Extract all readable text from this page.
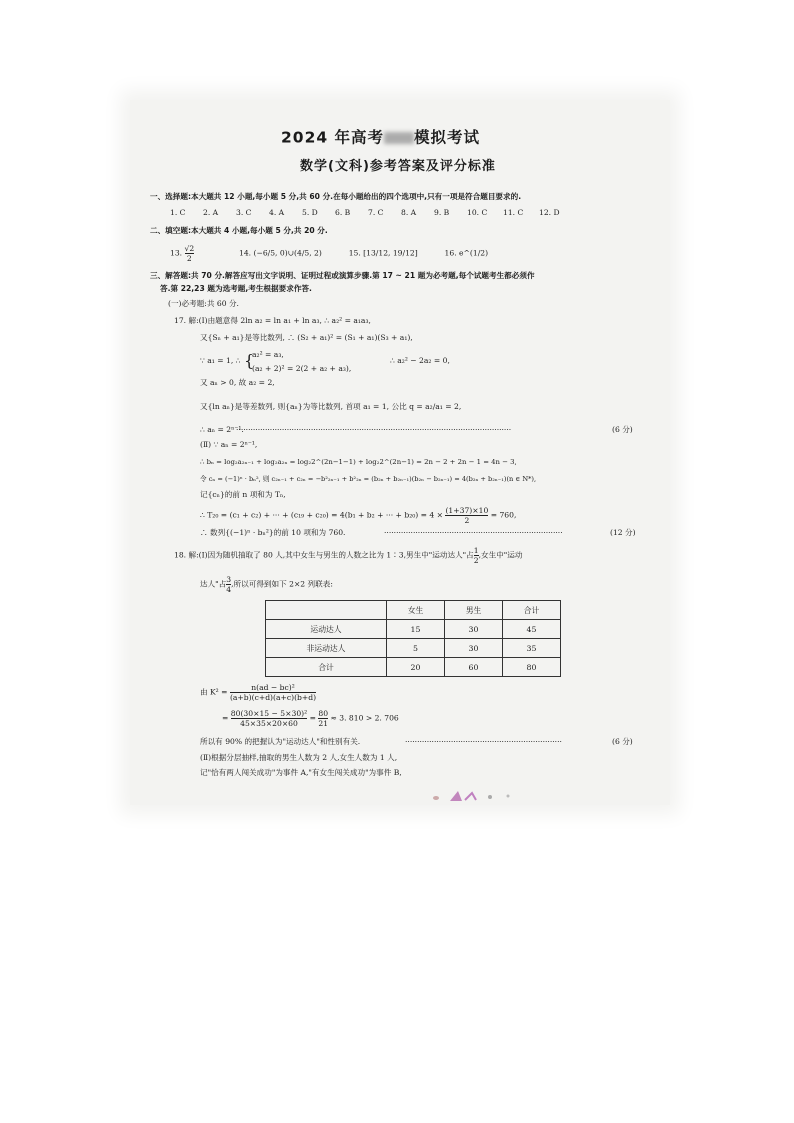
2024 年高考 模拟考试
数学(文科)参考答案及评分标准
一、选择题:本大题共 12 小题,每小题 5 分,共 60 分.在每小题给出的四个选项中,只有一项是符合题目要求的.
1. C 2. A 3. C 4. A 5. D 6. B 7. C 8. A 9. B 10. C 11. C 12. D
二、填空题:本大题共 4 小题,每小题 5 分,共 20 分.
13. $\frac{√2}{2}$	14. (−6/5, 0)∪(4/5, 2)	15. [13/12, 19/12]	16. e^(1/2)
三、解答题:共 70 分.解答应写出文字说明、证明过程或演算步骤.第 17 ~ 21 题为必考题,每个试题考生都必须作
答.第 22,23 题为选考题,考生根据要求作答.
(一)必考题:共 60 分.
17. 解:(Ⅰ)由题意得 2ln a₂ = ln a₁ + ln a₃, ∴ a₂² = a₁a₃,
又{Sₙ + a₁}是等比数列, ∴ (S₂ + a₁)² = (S₁ + a₁)(S₃ + a₁),
∵ a₁ = 1, ∴ {
a₂² = a₃,
(a₂ + 2)² = 2(2 + a₂ + a₃),
∴ a₂² − 2a₂ = 0,
又 aₙ > 0, 故 a₂ = 2,
又{ln aₙ}是等差数列, 则{aₙ}为等比数列, 首项 a₁ = 1, 公比 q = a₂/a₁ = 2,
∴ aₙ = 2ⁿ⁻¹.
··················································································································	(6 分)
(Ⅱ) ∵ aₙ = 2ⁿ⁻¹,
∴ bₙ = log₂a₂ₙ₋₁ + log₂a₂ₙ = log₂2^(2n−1−1) + log₂2^(2n−1) = 2n − 2 + 2n − 1 = 4n − 3,
令 cₙ = (−1)ⁿ · bₙ², 则 c₂ₙ₋₁ + c₂ₙ = −b²₂ₙ₋₁ + b²₂ₙ = (b₂ₙ + b₂ₙ₋₁)(b₂ₙ − b₂ₙ₋₁) = 4(b₂ₙ + b₂ₙ₋₁)(n ∈ N*),
记{cₙ}的前 n 项和为 Tₙ,
∴ T₂₀ = (c₁ + c₂) + ··· + (c₁₉ + c₂₀) = 4(b₁ + b₂ + ··· + $b_{20}) = 4 \times \frac{(1+37)\times 10}{2} = 760$,
∴ 数列{(−1)ⁿ · bₙ²}的前 10 项和为 760.	··········································································	(12 分)
18. 解:(Ⅰ)因为随机抽取了 80 人,其中女生与男生的人数之比为 1∶3,男生中"运动达人"占 $\frac{1}{2}$ ,女生中"运动
达人"占 $\frac{3}{4}$ ,所以可得到如下 2×2 列联表:
	女生	男生	合计
运动达人	15	30	45
非运动达人	5	30	35
合计	20	60	80
由 $K^2 = \frac{\text{n(ad − bc)²}}{(a+b)(c+d)(a+c)(b+d)}$
= $\frac{\text{80(30×15 − 5×30)²}}{45\times 35\times 20\times 60} = \frac{80}{21} \approx 3$. 810 > 2. 706
所以有 90% 的把握认为"运动达人"和性别有关.	·································································	(6 分)
(Ⅱ)根据分层抽样,抽取的男生人数为 2 人,女生人数为 1 人,
记"恰有两人闯关成功"为事件 A,"有女生闯关成功"为事件 B,
